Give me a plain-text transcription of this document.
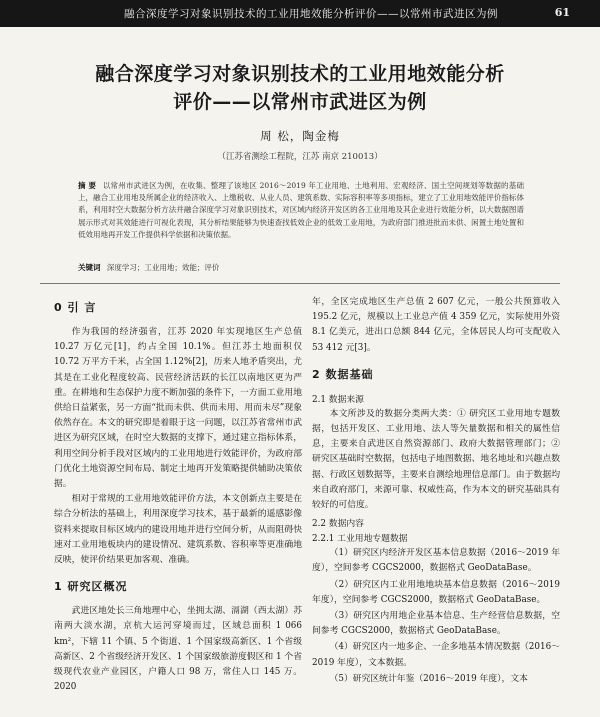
融合深度学习对象识别技术的工业用地效能分析评价——以常州市武进区为例	61
融合深度学习对象识别技术的工业用地效能分析
评价——以常州市武进区为例
周 松，陶金梅
（江苏省测绘工程院，江苏 南京 210013）
摘 要 以常州市武进区为例，在收集、整理了该地区 2016～2019 年工业用地、土地利用、宏观经济、国土空间规划等数据的基础上，融合工业用地及所属企业的经济收入、上缴税收、从业人员、建筑系数、实际容积率等多项指标，建立了工业用地效能评价指标体系，利用时空大数据分析方法并融合深度学习对象识别技术，对区域内经济开发区的各工业用地及其企业进行效能分析，以大数据图谱展示形式对其效能进行可视化表现，其分析结果能够为快速查找低效企业的低效工业用地，为政府部门推进批而未供、闲置土地处置和低效用地再开发工作提供科学依据和决策依据。
关键词 深度学习；工业用地；效能；评价
0 引 言

作为我国的经济强省，江苏 2020 年实现地区生产总值 10.27 万亿元[1]，约占全国 10.1%。但江苏土地面积仅 10.72 万平方千米，占全国 1.12%[2]，历来人地矛盾突出，尤其是在工业化程度较高、民营经济活跃的长江以南地区更为严重。在耕地和生态保护力度不断加强的条件下，一方面工业用地供给日益紧张，另一方面“批而未供、供而未用、用而未尽”现象依然存在。本文的研究即是着眼于这一问题，以江苏省常州市武进区为研究区域，在时空大数据的支撑下，通过建立指标体系，利用空间分析手段对区域内的工业用地进行效能评价，为政府部门优化土地资源空间布局、制定土地再开发策略提供辅助决策依据。

相对于常规的工业用地效能评价方法，本文创新点主要是在综合分析法的基础上，利用深度学习技术，基于最新的遥感影像资料来提取目标区域内的建设用地并进行空间分析，从而阻碍快速对工业用地板块内的建设情况、建筑系数、容积率等更准确地反映，使评价结果更加客观、准确。

1 研究区概况

武进区地处长三角地理中心，坐拥太湖、滆湖（西太湖）苏南两大淡水湖，京杭大运河穿境而过，区域总面积 1 066 km²，下辖 11 个镇、5 个街道、1 个国家级高新区、1 个省级高新区、2 个省级经济开发区、1 个国家级旅游度假区和 1 个省级现代农业产业园区，户籍人口 98 万，常住人口 145 万。2020

年，全区完成地区生产总值 2 607 亿元，一般公共预算收入 195.2 亿元，规模以上工业总产值 4 359 亿元，实际使用外资 8.1 亿美元，进出口总额 844 亿元，全体居民人均可支配收入 53 412 元[3]。

2 数据基础
2.1 数据来源

本文所涉及的数据分类两大类：① 研究区工业用地专题数据，包括开发区、工业用地、法人等矢量数据和相关的属性信息，主要来自武进区自然资源部门、政府大数据管理部门；② 研究区基础时空数据，包括电子地图数据、地名地址和兴趣点数据、行政区划数据等，主要来自测绘地理信息部门。由于数据均来自政府部门，来源可靠、权威性高，作为本文的研究基础具有较好的可信度。

2.2 数据内容
2.2.1 工业用地专题数据

（1）研究区内经济开发区基本信息数据（2016～2019 年度），空间参考 CGCS2000，数据格式 GeoDataBase。

（2）研究区内工业用地地块基本信息数据（2016～2019 年度），空间参考 CGCS2000，数据格式 GeoDataBase。

（3）研究区内用地企业基本信息、生产经营信息数据，空间参考 CGCS2000，数据格式 GeoDataBase。

（4）研究区内一地多企、一企多地基本情况数据（2016～2019 年度），文本数据。

（5）研究区统计年鉴（2016～2019 年度），文本
